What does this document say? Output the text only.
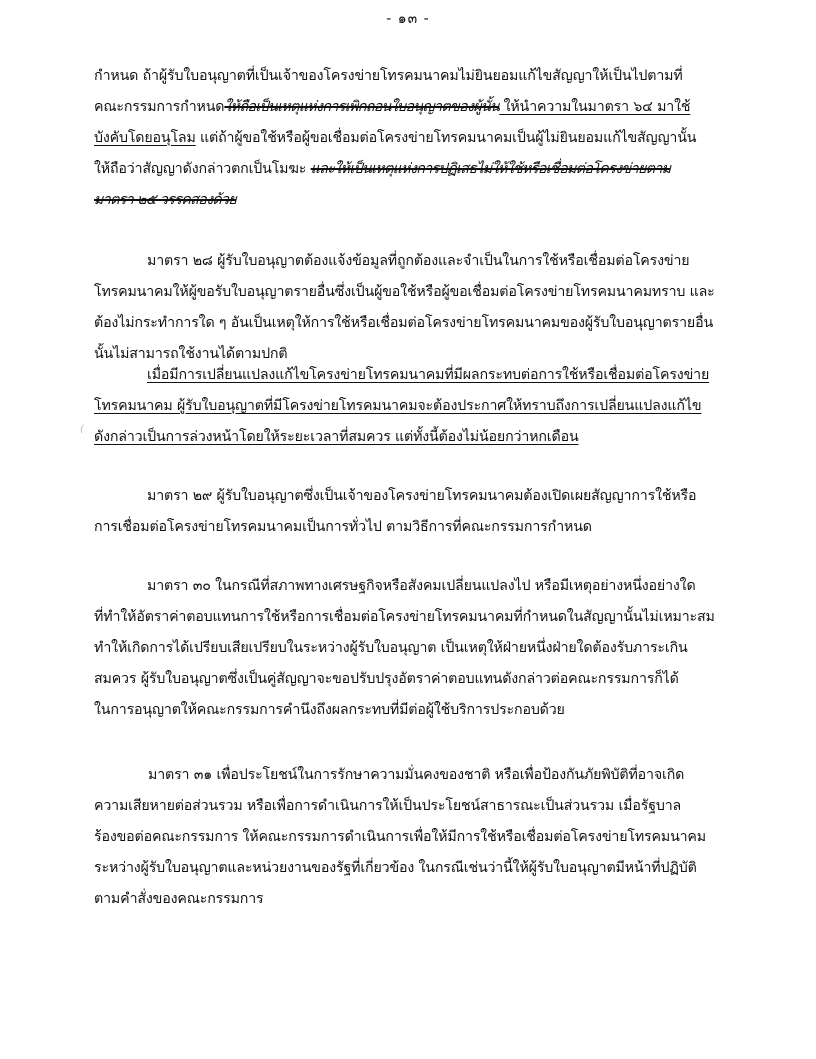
- ๑๓ -
กำหนด ถ้าผู้รับใบอนุญาตที่เป็นเจ้าของโครงข่ายโทรคมนาคมไม่ยินยอมแก้ไขสัญญาให้เป็นไปตามที่
คณะกรรมการกำหนดให้ถือเป็นเหตุแห่งการเพิกถอนใบอนุญาตของผู้นั้น ให้นำความในมาตรา ๖๔ มาใช้
บังคับโดยอนุโลม แต่ถ้าผู้ขอใช้หรือผู้ขอเชื่อมต่อโครงข่ายโทรคมนาคมเป็นผู้ไม่ยินยอมแก้ไขสัญญานั้น
ให้ถือว่าสัญญาดังกล่าวตกเป็นโมฆะ และให้เป็นเหตุแห่งการปฏิเสธไม่ให้ใช้หรือเชื่อมต่อโครงข่ายตาม
มาตรา ๒๕ วรรคสองด้วย
มาตรา ๒๘ ผู้รับใบอนุญาตต้องแจ้งข้อมูลที่ถูกต้องและจำเป็นในการใช้หรือเชื่อมต่อโครงข่าย
โทรคมนาคมให้ผู้ขอรับใบอนุญาตรายอื่นซึ่งเป็นผู้ขอใช้หรือผู้ขอเชื่อมต่อโครงข่ายโทรคมนาคมทราบ และ
ต้องไม่กระทำการใด ๆ อันเป็นเหตุให้การใช้หรือเชื่อมต่อโครงข่ายโทรคมนาคมของผู้รับใบอนุญาตรายอื่น
นั้นไม่สามารถใช้งานได้ตามปกติ
เมื่อมีการเปลี่ยนแปลงแก้ไขโครงข่ายโทรคมนาคมที่มีผลกระทบต่อการใช้หรือเชื่อมต่อโครงข่าย
โทรคมนาคม ผู้รับใบอนุญาตที่มีโครงข่ายโทรคมนาคมจะต้องประกาศให้ทราบถึงการเปลี่ยนแปลงแก้ไข
ดังกล่าวเป็นการล่วงหน้าโดยให้ระยะเวลาที่สมควร แต่ทั้งนี้ต้องไม่น้อยกว่าหกเดือน
มาตรา ๒๙ ผู้รับใบอนุญาตซึ่งเป็นเจ้าของโครงข่ายโทรคมนาคมต้องเปิดเผยสัญญาการใช้หรือ
การเชื่อมต่อโครงข่ายโทรคมนาคมเป็นการทั่วไป ตามวิธีการที่คณะกรรมการกำหนด
มาตรา ๓๐ ในกรณีที่สภาพทางเศรษฐกิจหรือสังคมเปลี่ยนแปลงไป หรือมีเหตุอย่างหนึ่งอย่างใด
ที่ทำให้อัตราค่าตอบแทนการใช้หรือการเชื่อมต่อโครงข่ายโทรคมนาคมที่กำหนดในสัญญานั้นไม่เหมาะสม
ทำให้เกิดการได้เปรียบเสียเปรียบในระหว่างผู้รับใบอนุญาต เป็นเหตุให้ฝ่ายหนึ่งฝ่ายใดต้องรับภาระเกิน
สมควร ผู้รับใบอนุญาตซึ่งเป็นคู่สัญญาจะขอปรับปรุงอัตราค่าตอบแทนดังกล่าวต่อคณะกรรมการก็ได้
ในการอนุญาตให้คณะกรรมการคำนึงถึงผลกระทบที่มีต่อผู้ใช้บริการประกอบด้วย
มาตรา ๓๑ เพื่อประโยชน์ในการรักษาความมั่นคงของชาติ หรือเพื่อป้องกันภัยพิบัติที่อาจเกิด
ความเสียหายต่อส่วนรวม หรือเพื่อการดำเนินการให้เป็นประโยชน์สาธารณะเป็นส่วนรวม เมื่อรัฐบาล
ร้องขอต่อคณะกรรมการ ให้คณะกรรมการดำเนินการเพื่อให้มีการใช้หรือเชื่อมต่อโครงข่ายโทรคมนาคม
ระหว่างผู้รับใบอนุญาตและหน่วยงานของรัฐที่เกี่ยวข้อง ในกรณีเช่นว่านี้ให้ผู้รับใบอนุญาตมีหน้าที่ปฏิบัติ
ตามคำสั่งของคณะกรรมการ
(
